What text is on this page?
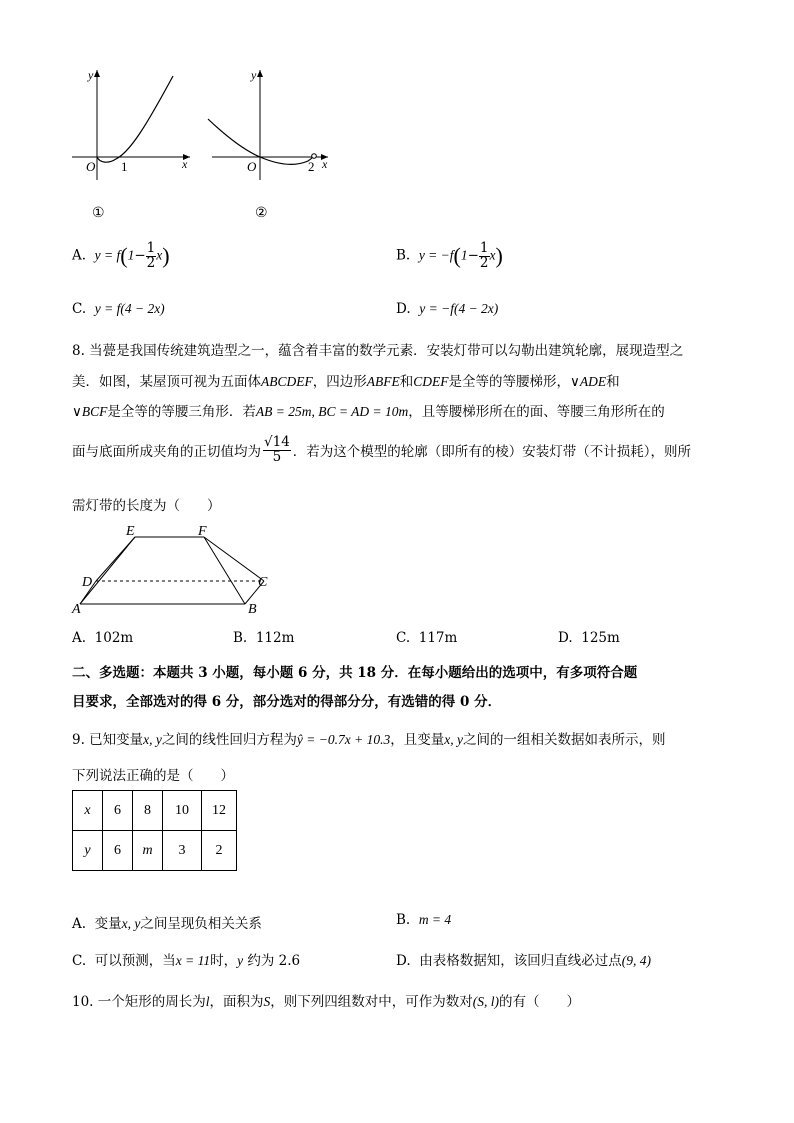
y
x
O 1
①
y
x
O	2
②
A. $y = f(1- \frac{1}{2} x)$	B. $y = -f(1- \frac{1}{2} x)$
C. y = f(4 − 2x)	D. y = −f(4 − 2x)
8. 当甍是我国传统建筑造型之一，蕴含着丰富的数学元素．安装灯带可以勾勒出建筑轮廓，展现造型之
美．如图，某屋顶可视为五面体ABCDEF，四边形ABFE和CDEF是全等的等腰梯形，∨ADE和
∨BCF是全等的等腰三角形．若AB = 25m, BC = AD = 10m，且等腰梯形所在的面、等腰三角形所在的
面与底面所成夹角的正切值均为 $\frac{√14}{5}$ ．若为这个模型的轮廓（即所有的棱）安装灯带（不计损耗），则所
需灯带的长度为（　　）
E	F
D	C
A	B
A. 102m	B. 112m	C. 117m	D. 125m
二、多选题：本题共 3 小题，每小题 6 分，共 18 分．在每小题给出的选项中，有多项符合题
目要求，全部选对的得 6 分，部分选对的得部分分，有选错的得 0 分．
9. 已知变量x, y之间的线性回归方程为ŷ = −0.7x + 10.3，且变量x, y之间的一组相关数据如表所示，则
下列说法正确的是（　　）
x	6	8	10	12
y	6	m	3	2
A. 变量x, y之间呈现负相关关系	B. m = 4
C. 可以预测，当x = 11时，y 约为 2.6	D. 由表格数据知，该回归直线必过点(9, 4)
10. 一个矩形的周长为l，面积为S，则下列四组数对中，可作为数对(S, l)的有（　　）
